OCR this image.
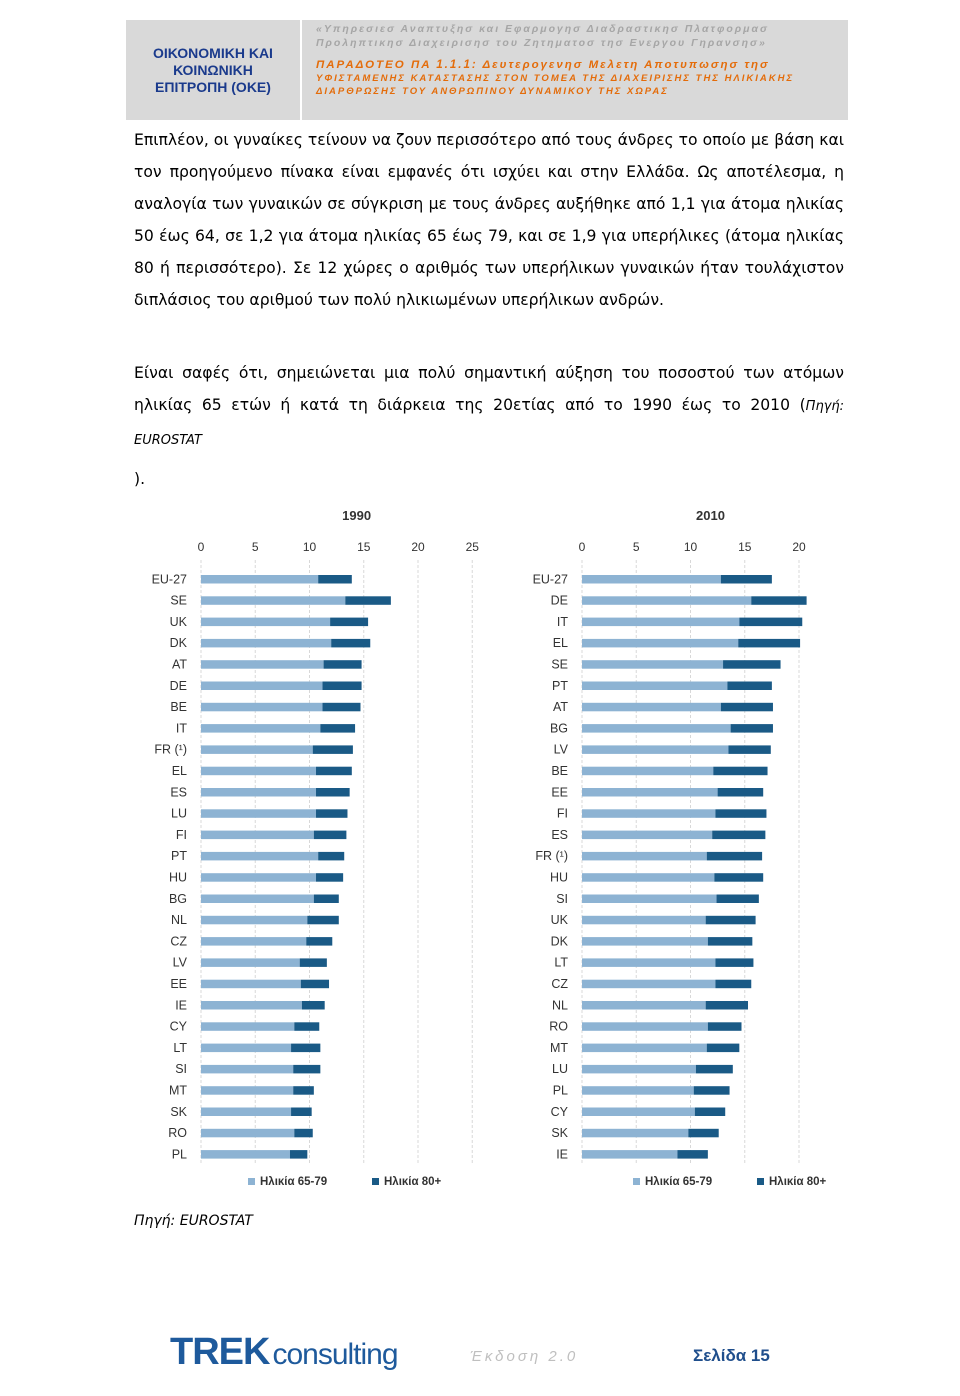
ΟΙΚΟΝΟΜΙΚΗ ΚΑΙ
ΚΟΙΝΩΝΙΚΗ
ΕΠΙΤΡΟΠΗ (ΟΚΕ)
«Υπηρεσιεσ Αναπτυξησ και Εφαρμογησ Διαδραστικησ Πλατφορμασ Προληπτικησ Διαχειρισησ του Ζητηματοσ τησ Ενεργου Γηρανσησ»
ΠΑΡΑΔΟΤΕΟ ΠΑ 1.1.1: Δευτερογενησ Μελετη Αποτυπωσησ τησ
ΥΦΙΣΤΑΜΕΝΗΣ ΚΑΤΑΣΤΑΣΗΣ ΣΤΟΝ ΤΟΜΕΑ ΤΗΣ ΔΙΑΧΕΙΡΙΣΗΣ ΤΗΣ ΗΛΙΚΙΑΚΗΣ ΔΙΑΡΘΡΩΣΗΣ ΤΟΥ ΑΝΘΡΩΠΙΝΟΥ ΔΥΝΑΜΙΚΟΥ ΤΗΣ ΧΩΡΑΣ

Επιπλέον, οι γυναίκες τείνουν να ζουν περισσότερο από τους άνδρες το οποίο με βάση και τον προηγούμενο πίνακα είναι εμφανές ότι ισχύει και στην Ελλάδα. Ως αποτέλεσμα, η αναλογία των γυναικών σε σύγκριση με τους άνδρες αυξήθηκε από 1,1 για άτομα ηλικίας 50 έως 64, σε 1,2 για άτομα ηλικίας 65 έως 79, και σε 1,9 για υπερήλικες (άτομα ηλικίας 80 ή περισσότερο). Σε 12 χώρες ο αριθμός των υπερήλικων γυναικών ήταν τουλάχιστον διπλάσιος του αριθμού των πολύ ηλικιωμένων υπερήλικων ανδρών.

Είναι σαφές ότι, σημειώνεται μια πολύ σημαντική αύξηση του ποσοστού των ατόμων ηλικίας 65 ετών ή κατά τη διάρκεια της 20ετίας από το 1990 έως το 2010 (Πηγή: EUROSTAT

).

1990
0	5	10	15	20	25
EU-27
SE
UK
DK
AT
DE
BE
IT
FR (¹)
EL
ES
LU
FI
PT
HU
BG
NL
CZ
LV
EE
IE
CY
LT
SI
MT
SK
RO
PL
Ηλικία 65-79	Ηλικία 80+
2010
0	5	10	15	20
EU-27
DE
IT
EL
SE
PT
AT
BG
LV
BE
EE
FI
ES
FR (¹)
HU
SI
UK
DK
LT
CZ
NL
RO
MT
LU
PL
CY
SK
IE
Ηλικία 65-79	Ηλικία 80+
Πηγή: EUROSTAT
TREK consulting	Έκδοση 2.0	Σελίδα 15
